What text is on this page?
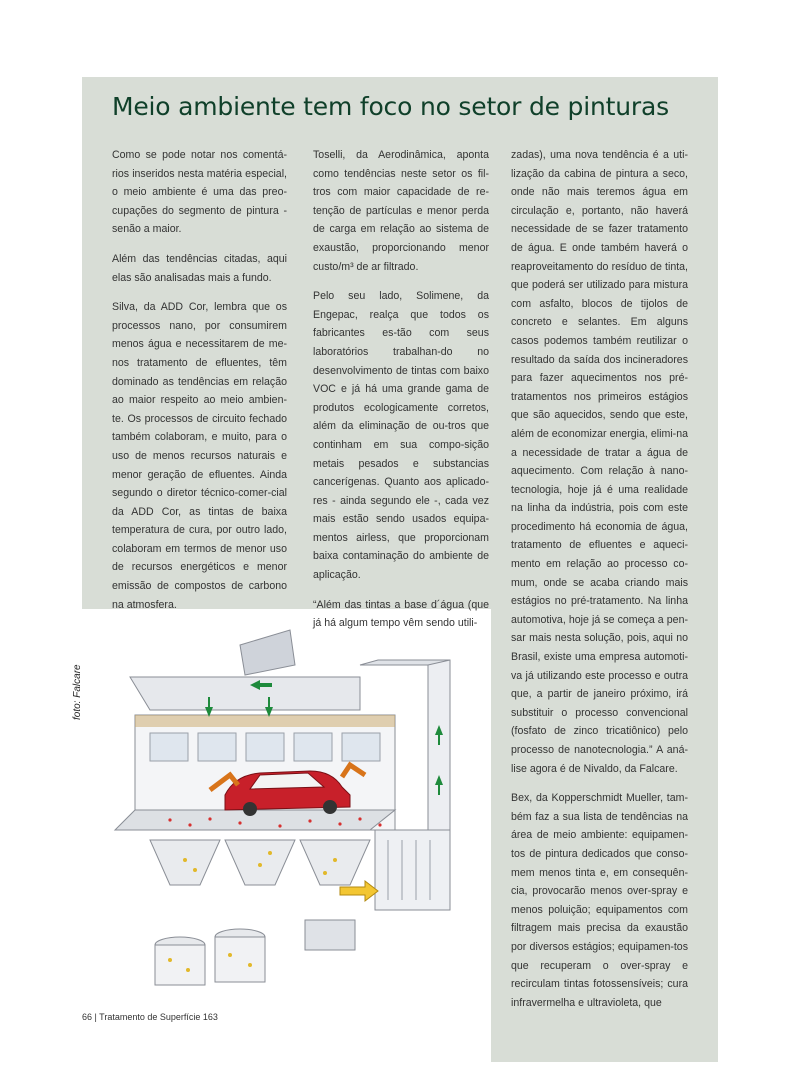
Meio ambiente tem foco no setor de pinturas

Como se pode notar nos comentá-rios inseridos nesta matéria especial, o meio ambiente é uma das preo-cupações do segmento de pintura - senão a maior.

Além das tendências citadas, aqui elas são analisadas mais a fundo.

Silva, da ADD Cor, lembra que os processos nano, por consumirem menos água e necessitarem de me-nos tratamento de efluentes, têm dominado as tendências em relação ao maior respeito ao meio ambien-te. Os processos de circuito fechado também colaboram, e muito, para o uso de menos recursos naturais e menor geração de efluentes. Ainda segundo o diretor técnico-comer-cial da ADD Cor, as tintas de baixa temperatura de cura, por outro lado, colaboram em termos de menor uso de recursos energéticos e menor emissão de compostos de carbono na atmosfera.

Toselli, da Aerodinâmica, aponta como tendências neste setor os fil-tros com maior capacidade de re-tenção de partículas e menor perda de carga em relação ao sistema de exaustão, proporcionando menor custo/m³ de ar filtrado.

Pelo seu lado, Solimene, da Engepac, realça que todos os fabricantes es-tão com seus laboratórios trabalhan-do no desenvolvimento de tintas com baixo VOC e já há uma grande gama de produtos ecologicamente corretos, além da eliminação de ou-tros que continham em sua compo-sição metais pesados e substancias cancerígenas. Quanto aos aplicado-res - ainda segundo ele -, cada vez mais estão sendo usados equipa-mentos airless, que proporcionam baixa contaminação do ambiente de aplicação.

“Além das tintas a base d´água (que já há algum tempo vêm sendo utili-

zadas), uma nova tendência é a uti-lização da cabina de pintura a seco, onde não mais teremos água em circulação e, portanto, não haverá necessidade de se fazer tratamento de água. E onde também haverá o reaproveitamento do resíduo de tinta, que poderá ser utilizado para mistura com asfalto, blocos de tijolos de concreto e selantes. Em alguns casos podemos também reutilizar o resultado da saída dos incineradores para fazer aquecimentos nos pré-tratamentos nos primeiros estágios que são aquecidos, sendo que este, além de economizar energia, elimi-na a necessidade de tratar a água de aquecimento. Com relação à nano-tecnologia, hoje já é uma realidade na linha da indústria, pois com este procedimento há economia de água, tratamento de efluentes e aqueci-mento em relação ao processo co-mum, onde se acaba criando mais estágios no pré-tratamento. Na linha automotiva, hoje já se começa a pen-sar mais nesta solução, pois, aqui no Brasil, existe uma empresa automoti-va já utilizando este processo e outra que, a partir de janeiro próximo, irá substituir o processo convencional (fosfato de zinco tricatiônico) pelo processo de nanotecnologia.” A aná-lise agora é de Nivaldo, da Falcare.

Bex, da Kopperschmidt Mueller, tam-bém faz a sua lista de tendências na área de meio ambiente: equipamen-tos de pintura dedicados que conso-mem menos tinta e, em consequên-cia, provocarão menos over-spray e menos poluição; equipamentos com filtragem mais precisa da exaustão por diversos estágios; equipamen-tos que recuperam o over-spray e recirculam tintas fotossensíveis; cura infravermelha e ultravioleta, que

foto: Falcare
66 | Tratamento de Superfície 163
